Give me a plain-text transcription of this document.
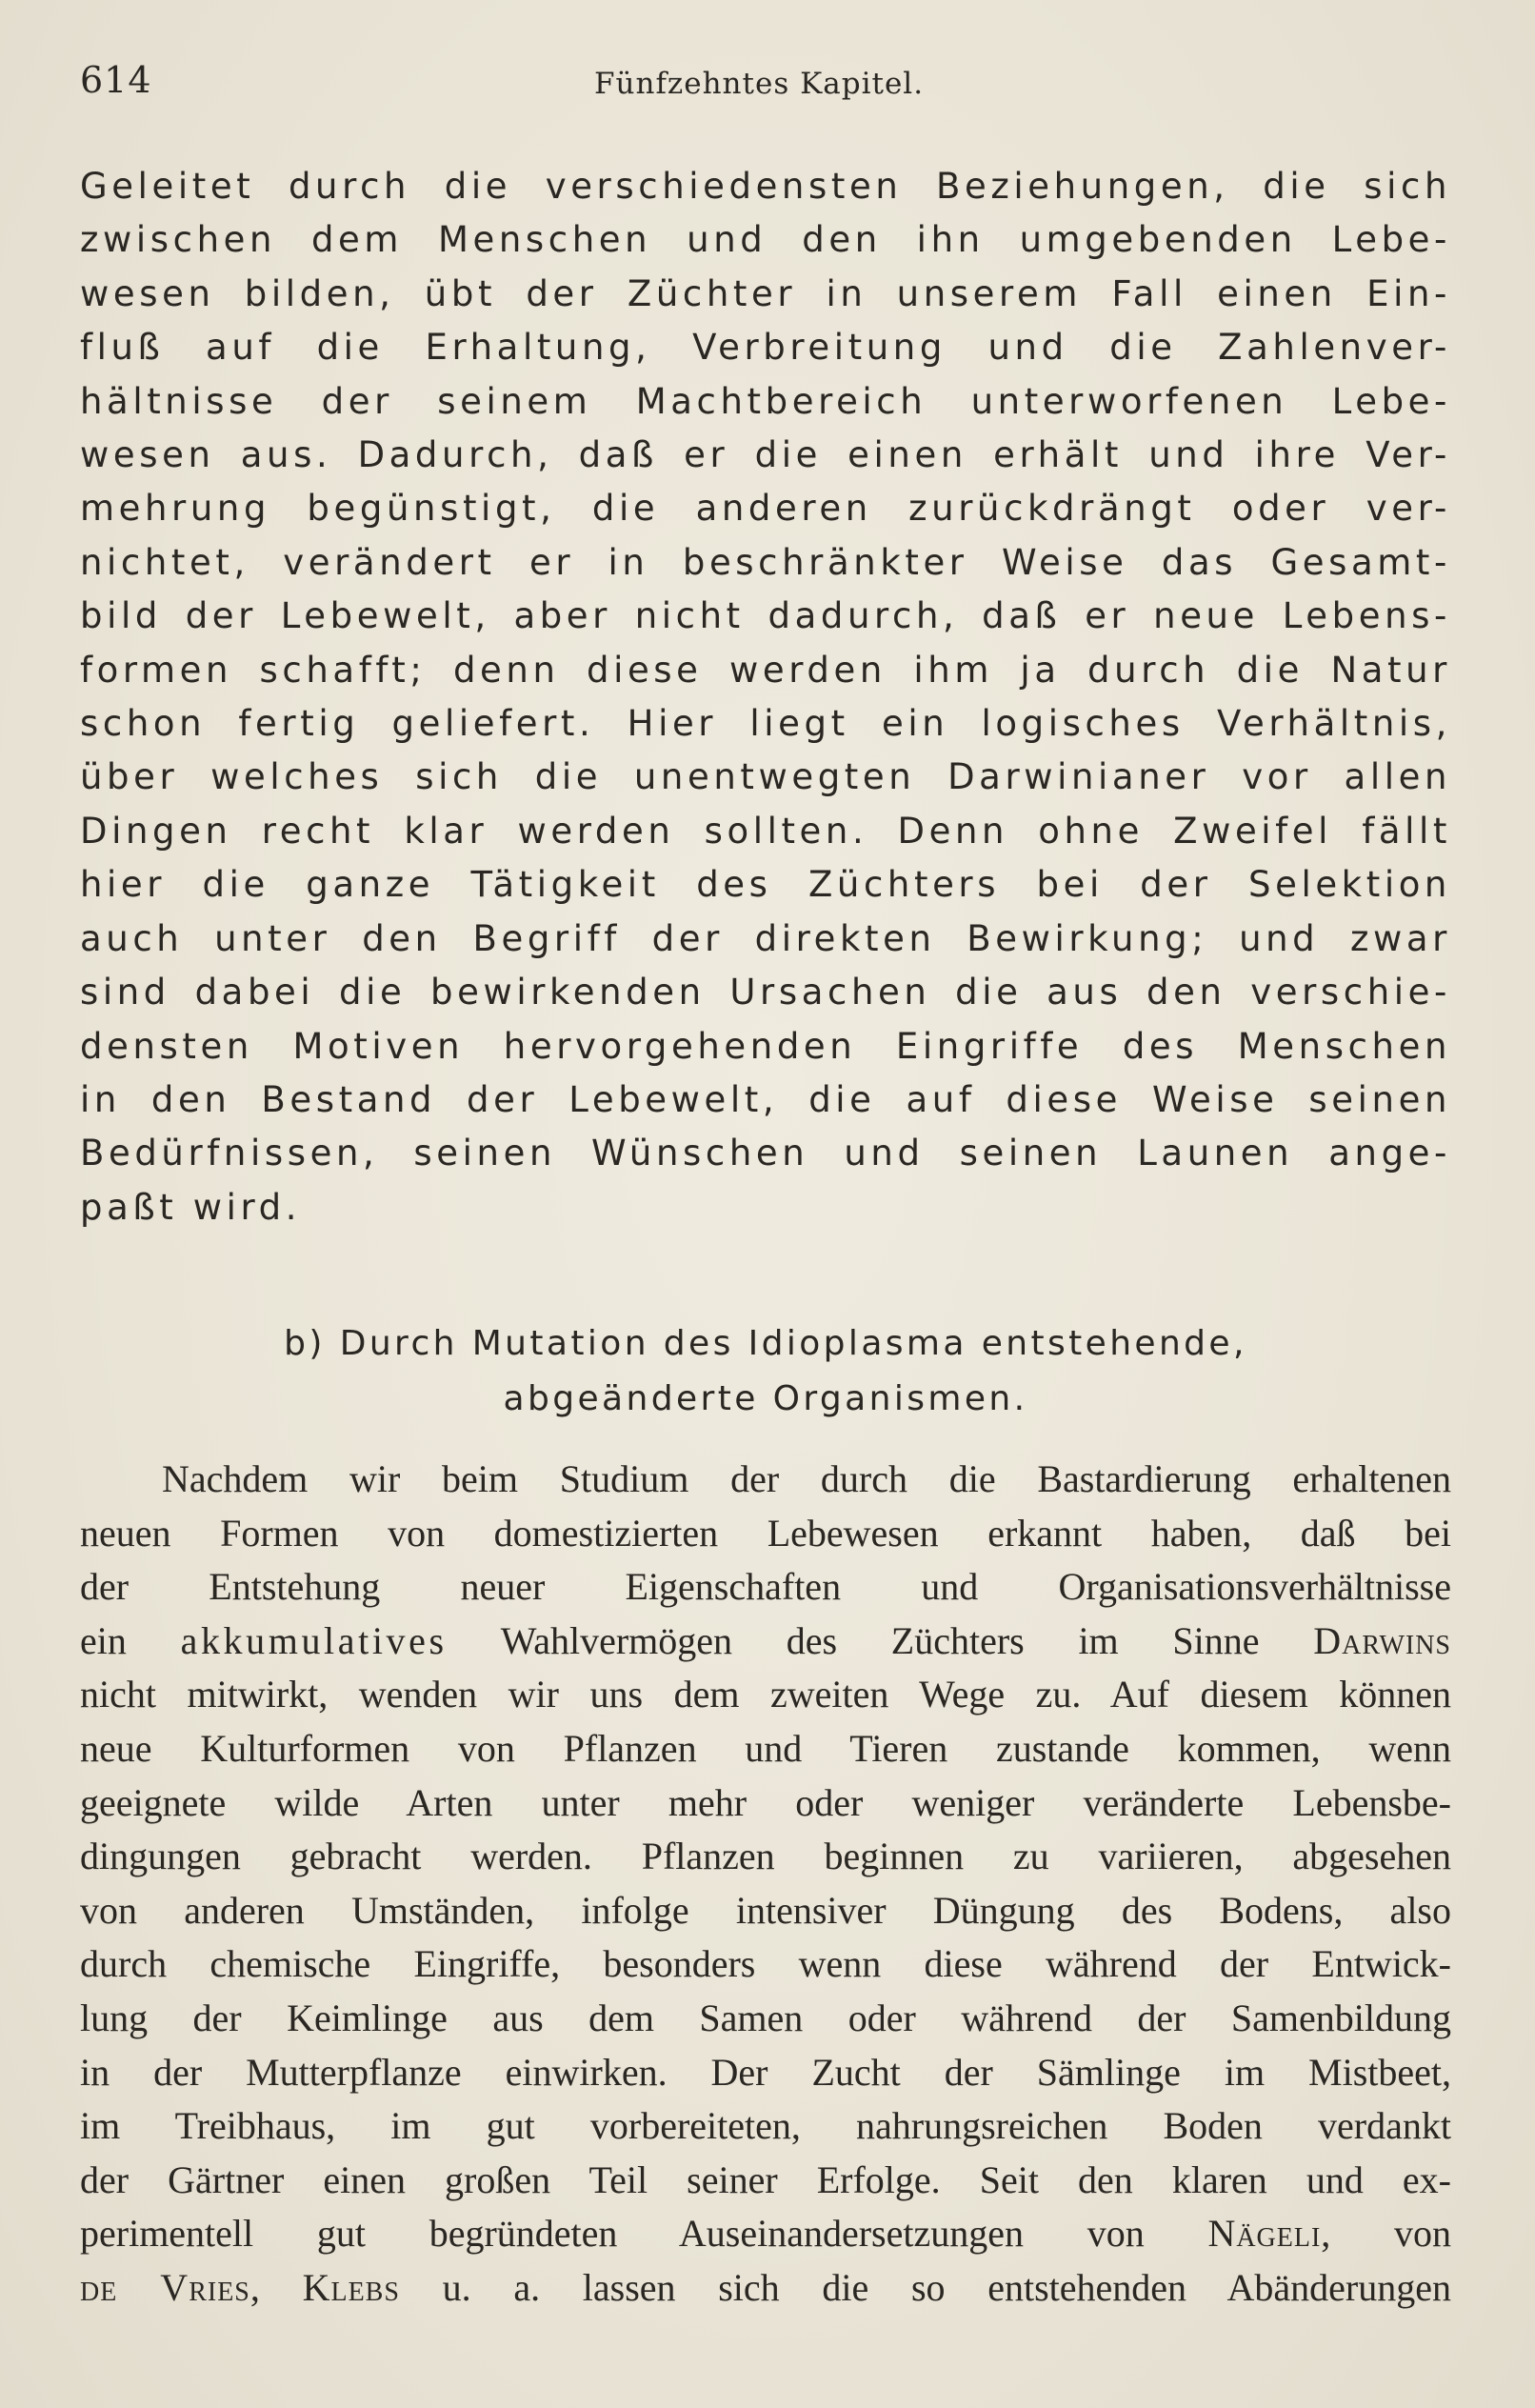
614	Fünfzehntes Kapitel.

Geleitet durch die verschiedensten Beziehungen, die sich
zwischen dem Menschen und den ihn umgebenden Lebe-
wesen bilden, übt der Züchter in unserem Fall einen Ein-
fluß auf die Erhaltung, Verbreitung und die Zahlenver-
hältnisse der seinem Machtbereich unterworfenen Lebe-
wesen aus. Dadurch, daß er die einen erhält und ihre Ver-
mehrung begünstigt, die anderen zurückdrängt oder ver-
nichtet, verändert er in beschränkter Weise das Gesamt-
bild der Lebewelt, aber nicht dadurch, daß er neue Lebens-
formen schafft; denn diese werden ihm ja durch die Natur
schon fertig geliefert. Hier liegt ein logisches Verhältnis,
über welches sich die unentwegten Darwinianer vor allen
Dingen recht klar werden sollten. Denn ohne Zweifel fällt
hier die ganze Tätigkeit des Züchters bei der Selektion
auch unter den Begriff der direkten Bewirkung; und zwar
sind dabei die bewirkenden Ursachen die aus den verschie-
densten Motiven hervorgehenden Eingriffe des Menschen
in den Bestand der Lebewelt, die auf diese Weise seinen
Bedürfnissen, seinen Wünschen und seinen Launen ange-
paßt wird.

b) Durch Mutation des Idioplasma entstehende,
abgeänderte Organismen.

Nachdem wir beim Studium der durch die Bastardierung erhaltenen
neuen Formen von domestizierten Lebewesen erkannt haben, daß bei
der Entstehung neuer Eigenschaften und Organisationsverhältnisse
ein akkumulatives Wahlvermögen des Züchters im Sinne Darwins
nicht mitwirkt, wenden wir uns dem zweiten Wege zu. Auf diesem können
neue Kulturformen von Pflanzen und Tieren zustande kommen, wenn
geeignete wilde Arten unter mehr oder weniger veränderte Lebensbe-
dingungen gebracht werden. Pflanzen beginnen zu variieren, abgesehen
von anderen Umständen, infolge intensiver Düngung des Bodens, also
durch chemische Eingriffe, besonders wenn diese während der Entwick-
lung der Keimlinge aus dem Samen oder während der Samenbildung
in der Mutterpflanze einwirken. Der Zucht der Sämlinge im Mistbeet,
im Treibhaus, im gut vorbereiteten, nahrungsreichen Boden verdankt
der Gärtner einen großen Teil seiner Erfolge. Seit den klaren und ex-
perimentell gut begründeten Auseinandersetzungen von Nägeli, von
de Vries, Klebs u. a. lassen sich die so entstehenden Abänderungen
